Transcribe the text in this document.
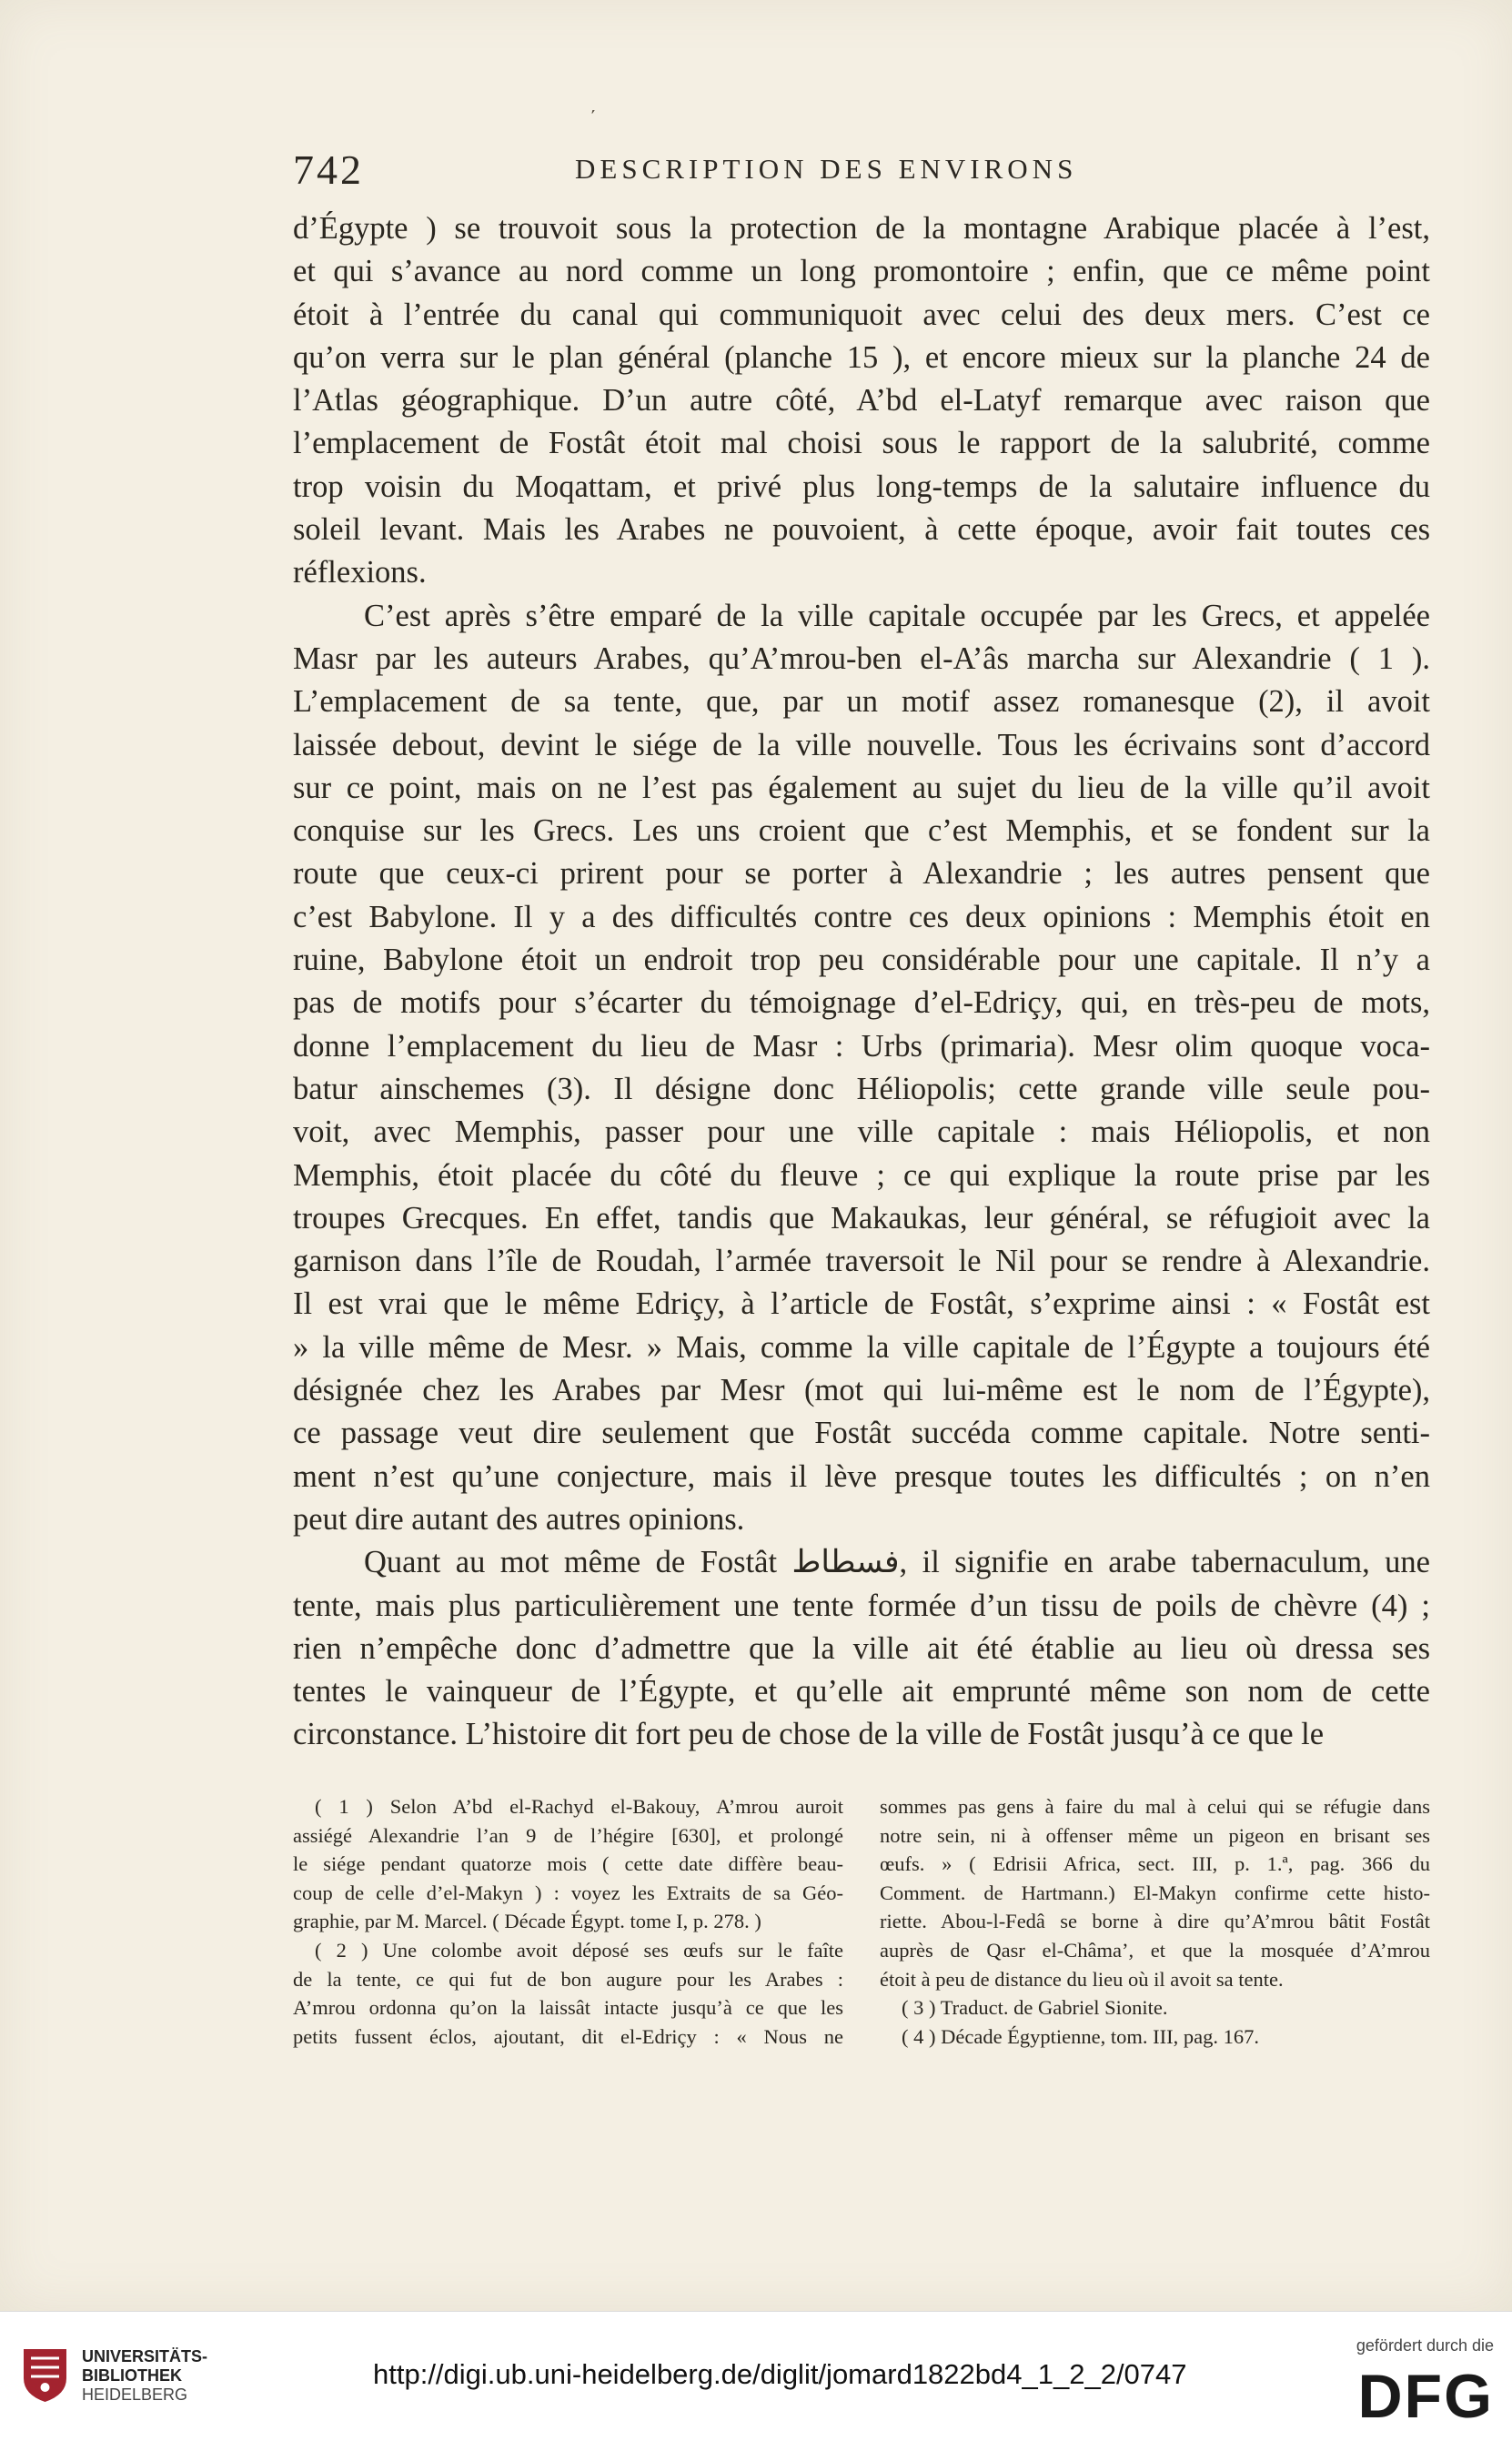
ʹ
742	DESCRIPTION DES ENVIRONS
d’Égypte ) se trouvoit sous la protection de la montagne Arabique placée à l’est,
et qui s’avance au nord comme un long promontoire ; enfin, que ce même point
étoit à l’entrée du canal qui communiquoit avec celui des deux mers. C’est ce
qu’on verra sur le plan général (planche 15 ), et encore mieux sur la planche 24 de
l’Atlas géographique. D’un autre côté, A’bd el-Latyf remarque avec raison que
l’emplacement de Fostât étoit mal choisi sous le rapport de la salubrité, comme
trop voisin du Moqattam, et privé plus long-temps de la salutaire influence du
soleil levant. Mais les Arabes ne pouvoient, à cette époque, avoir fait toutes ces
réflexions.
C’est après s’être emparé de la ville capitale occupée par les Grecs, et appelée
Masr par les auteurs Arabes, qu’A’mrou-ben el-A’âs marcha sur Alexandrie ( 1 ).
L’emplacement de sa tente, que, par un motif assez romanesque (2), il avoit
laissée debout, devint le siége de la ville nouvelle. Tous les écrivains sont d’accord
sur ce point, mais on ne l’est pas également au sujet du lieu de la ville qu’il avoit
conquise sur les Grecs. Les uns croient que c’est Memphis, et se fondent sur la
route que ceux-ci prirent pour se porter à Alexandrie ; les autres pensent que
c’est Babylone. Il y a des difficultés contre ces deux opinions : Memphis étoit en
ruine, Babylone étoit un endroit trop peu considérable pour une capitale. Il n’y a
pas de motifs pour s’écarter du témoignage d’el-Edriçy, qui, en très-peu de mots,
donne l’emplacement du lieu de Masr : Urbs (primaria). Mesr olim quoque voca-
batur ainschemes (3). Il désigne donc Héliopolis; cette grande ville seule pou-
voit, avec Memphis, passer pour une ville capitale : mais Héliopolis, et non
Memphis, étoit placée du côté du fleuve ; ce qui explique la route prise par les
troupes Grecques. En effet, tandis que Makaukas, leur général, se réfugioit avec la
garnison dans l’île de Roudah, l’armée traversoit le Nil pour se rendre à Alexandrie.
Il est vrai que le même Edriçy, à l’article de Fostât, s’exprime ainsi : « Fostât est
» la ville même de Mesr. » Mais, comme la ville capitale de l’Égypte a toujours été
désignée chez les Arabes par Mesr (mot qui lui-même est le nom de l’Égypte),
ce passage veut dire seulement que Fostât succéda comme capitale. Notre senti-
ment n’est qu’une conjecture, mais il lève presque toutes les difficultés ; on n’en
peut dire autant des autres opinions.
Quant au mot même de Fostât فسطاط, il signifie en arabe tabernaculum, une
tente, mais plus particulièrement une tente formée d’un tissu de poils de chèvre (4) ;
rien n’empêche donc d’admettre que la ville ait été établie au lieu où dressa ses
tentes le vainqueur de l’Égypte, et qu’elle ait emprunté même son nom de cette
circonstance. L’histoire dit fort peu de chose de la ville de Fostât jusqu’à ce que le
( 1 ) Selon A’bd el-Rachyd el-Bakouy, A’mrou auroit
assiégé Alexandrie l’an 9 de l’hégire [630], et prolongé
le siége pendant quatorze mois ( cette date diffère beau-
coup de celle d’el-Makyn ) : voyez les Extraits de sa Géo-
graphie, par M. Marcel. ( Décade Égypt. tome I, p. 278. )
( 2 ) Une colombe avoit déposé ses œufs sur le faîte
de la tente, ce qui fut de bon augure pour les Arabes :
A’mrou ordonna qu’on la laissât intacte jusqu’à ce que les
petits fussent éclos, ajoutant, dit el-Edriçy : « Nous ne
sommes pas gens à faire du mal à celui qui se réfugie dans
notre sein, ni à offenser même un pigeon en brisant ses
œufs. » ( Edrisii Africa, sect. III, p. 1.ª, pag. 366 du
Comment. de Hartmann.) El-Makyn confirme cette histo-
riette. Abou-l-Fedâ se borne à dire qu’A’mrou bâtit Fostât
auprès de Qasr el-Châma’, et que la mosquée d’A’mrou
étoit à peu de distance du lieu où il avoit sa tente.
( 3 ) Traduct. de Gabriel Sionite.
( 4 ) Décade Égyptienne, tom. III, pag. 167.
UNIVERSITÄTS-
BIBLIOTHEK
HEIDELBERG
http://digi.ub.uni-heidelberg.de/diglit/jomard1822bd4_1_2_2/0747
gefördert durch die
DFG
